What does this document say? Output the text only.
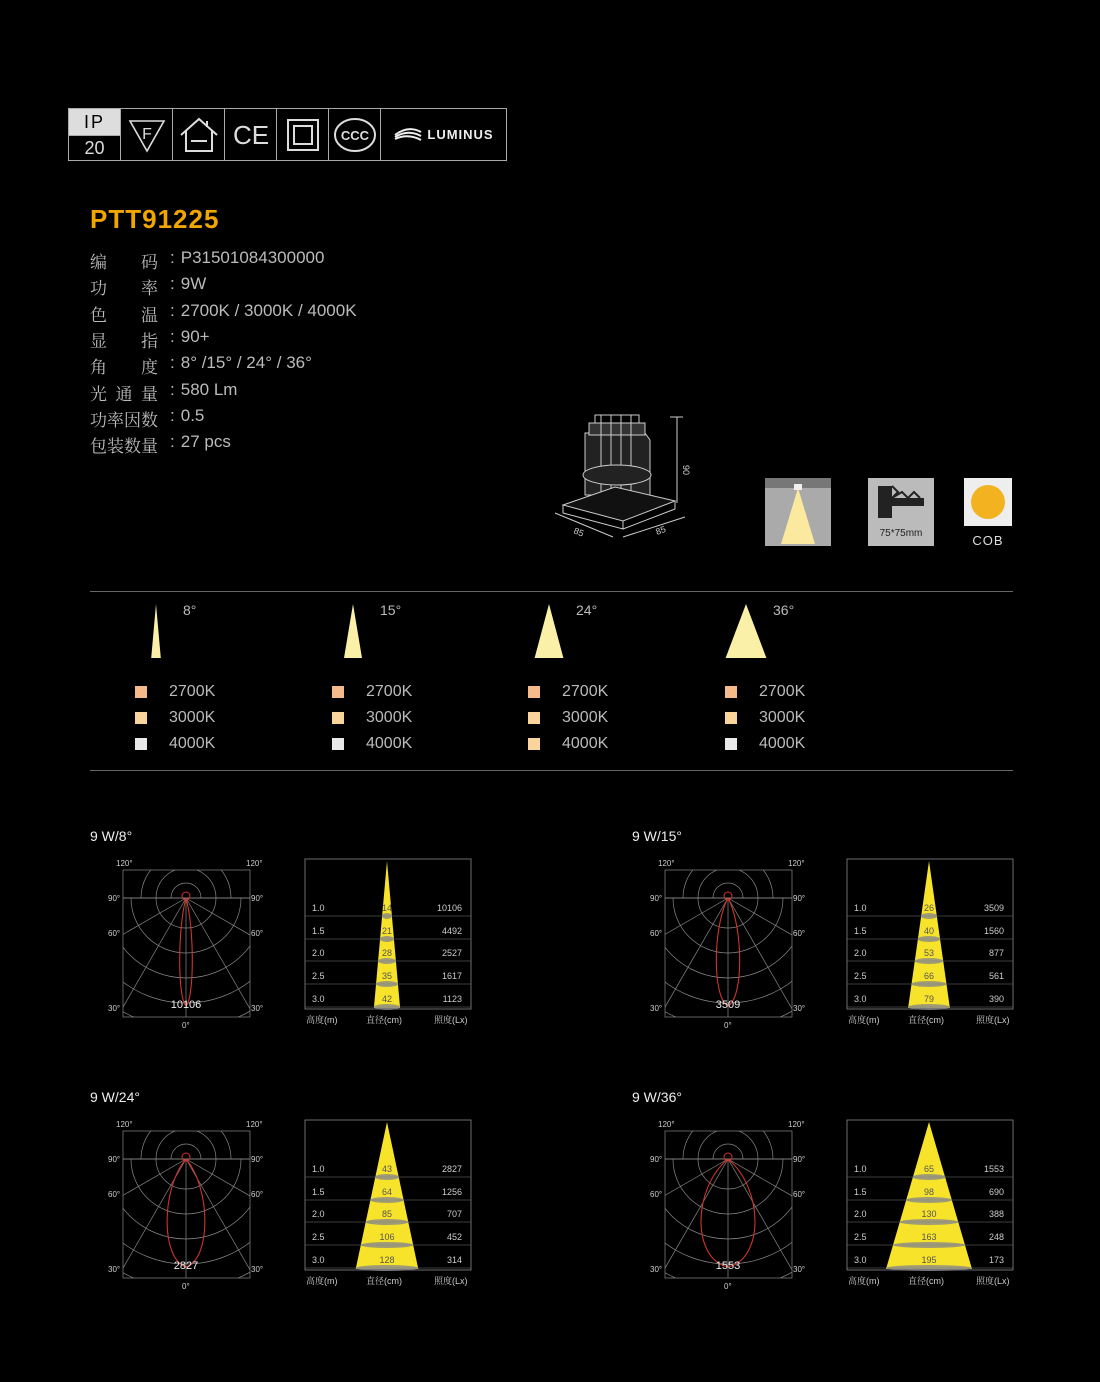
IP
20
F	CE	CCC	LUMINUS
PTT91225
编 码 : P31501084300000
功 率 : 9W
色 温 : 2700K / 3000K / 4000K
显 指 : 90+
角 度 : 8° /15° / 24° / 36°
光 通 量 : 580 Lm
功率因数 : 0.5
包装数量 : 27 pcs
90
85	85	75*75mm	COB
8°
2700K
3000K
4000K
15°
2700K
3000K
4000K
24°
2700K
3000K
4000K
36°
2700K
3000K
4000K
9 W/8°
120°	120°
90°	90°
60°	60°
30°	30°
0°
10106
1.0	14	10106
1.5	21	4492
2.0	28	2527
2.5	35	1617
3.0	42	1123
高度(m)	直径(cm)	照度(Lx)
9 W/15°
120°	120°
90°	90°
60°	60°
30°	30°
0°
3509
1.0	26	3509
1.5	40	1560
2.0	53	877
2.5	66	561
3.0	79	390
高度(m)	直径(cm)	照度(Lx)
9 W/24°
120°	120°
90°	90°
60°	60°
30°	30°
0°
2827
1.0	43	2827
1.5	64	1256
2.0	85	707
2.5	106	452
3.0	128	314
高度(m)	直径(cm)	照度(Lx)
9 W/36°
120°	120°
90°	90°
60°	60°
30°	30°
0°
1553
1.0	65	1553
1.5	98	690
2.0	130	388
2.5	163	248
3.0	195	173
高度(m)	直径(cm)	照度(Lx)
